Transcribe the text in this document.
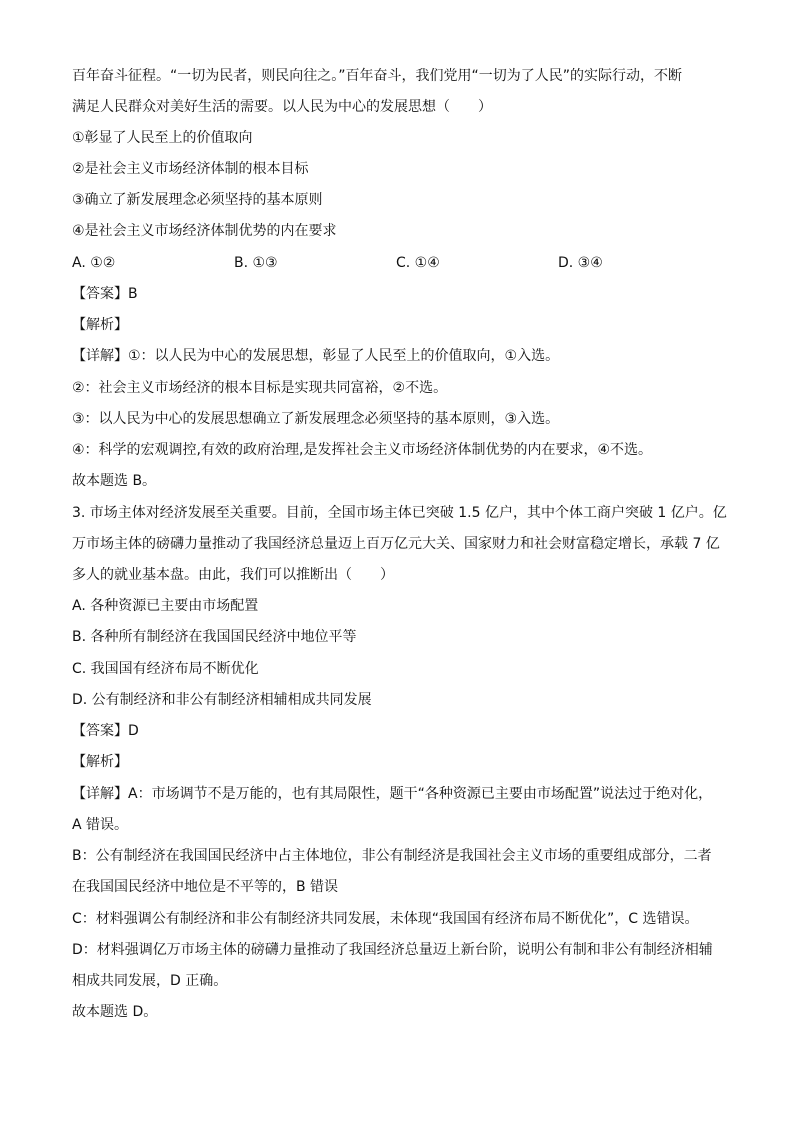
百年奋斗征程。“一切为民者，则民向往之。”百年奋斗，我们党用“一切为了人民”的实际行动，不断
满足人民群众对美好生活的需要。以人民为中心的发展思想（　　）
①彰显了人民至上的价值取向
②是社会主义市场经济体制的根本目标
③确立了新发展理念必须坚持的基本原则
④是社会主义市场经济体制优势的内在要求
A. ①②	B. ①③	C. ①④	D. ③④
【答案】B
【解析】
【详解】①：以人民为中心的发展思想，彰显了人民至上的价值取向，①入选。
②：社会主义市场经济的根本目标是实现共同富裕，②不选。
③：以人民为中心的发展思想确立了新发展理念必须坚持的基本原则，③入选。
④：科学的宏观调控,有效的政府治理,是发挥社会主义市场经济体制优势的内在要求，④不选。
故本题选 B。
3. 市场主体对经济发展至关重要。目前，全国市场主体已突破 1.5 亿户，其中个体工商户突破 1 亿户。亿
万市场主体的磅礴力量推动了我国经济总量迈上百万亿元大关、国家财力和社会财富稳定增长，承载 7 亿
多人的就业基本盘。由此，我们可以推断出（　　）
A. 各种资源已主要由市场配置
B. 各种所有制经济在我国国民经济中地位平等
C. 我国国有经济布局不断优化
D. 公有制经济和非公有制经济相辅相成共同发展
【答案】D
【解析】
【详解】A：市场调节不是万能的，也有其局限性，题干“各种资源已主要由市场配置”说法过于绝对化，
A 错误。
B：公有制经济在我国国民经济中占主体地位，非公有制经济是我国社会主义市场的重要组成部分，二者
在我国国民经济中地位是不平等的，B 错误
C：材料强调公有制经济和非公有制经济共同发展，未体现“我国国有经济布局不断优化”，C 选错误。
D：材料强调亿万市场主体的磅礴力量推动了我国经济总量迈上新台阶，说明公有制和非公有制经济相辅
相成共同发展，D 正确。
故本题选 D。
